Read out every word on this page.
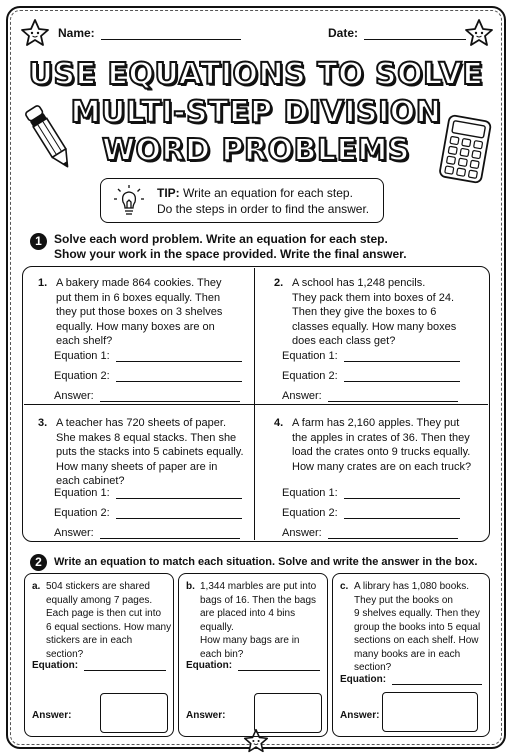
Name:	Date:
USE EQUATIONS TO SOLVE
MULTI-STEP DIVISION
WORD PROBLEMS
TIP: Write an equation for each step.
Do the steps in order to find the answer.
1	Solve each word problem. Write an equation for each step.
Show your work in the space provided. Write the final answer.
1. A bakery made 864 cookies. They
put them in 6 boxes equally. Then
they put those boxes on 3 shelves
equally. How many boxes are on
each shelf?
Equation 1:
Equation 2:
Answer:
2. A school has 1,248 pencils.
They pack them into boxes of 24.
Then they give the boxes to 6
classes equally. How many boxes
does each class get?
Equation 1:
Equation 2:
Answer:
3. A teacher has 720 sheets of paper.
She makes 8 equal stacks. Then she
puts the stacks into 5 cabinets equally.
How many sheets of paper are in
each cabinet?
Equation 1:
Equation 2:
Answer:
4. A farm has 2,160 apples. They put
the apples in crates of 36. Then they
load the crates onto 9 trucks equally.
How many crates are on each truck?
Equation 1:
Equation 2:
Answer:
2	Write an equation to match each situation. Solve and write the answer in the box.
a. 504 stickers are shared
equally among 7 pages.
Each page is then cut into
6 equal sections. How many
stickers are in each section?
Equation:
Answer:
b. 1,344 marbles are put into
bags of 16. Then the bags
are placed into 4 bins equally.
How many bags are in
each bin?
Equation:
Answer:
c. A library has 1,080 books.
They put the books on
9 shelves equally. Then they
group the books into 5 equal
sections on each shelf. How
many books are in each
section?
Equation:
Answer:
